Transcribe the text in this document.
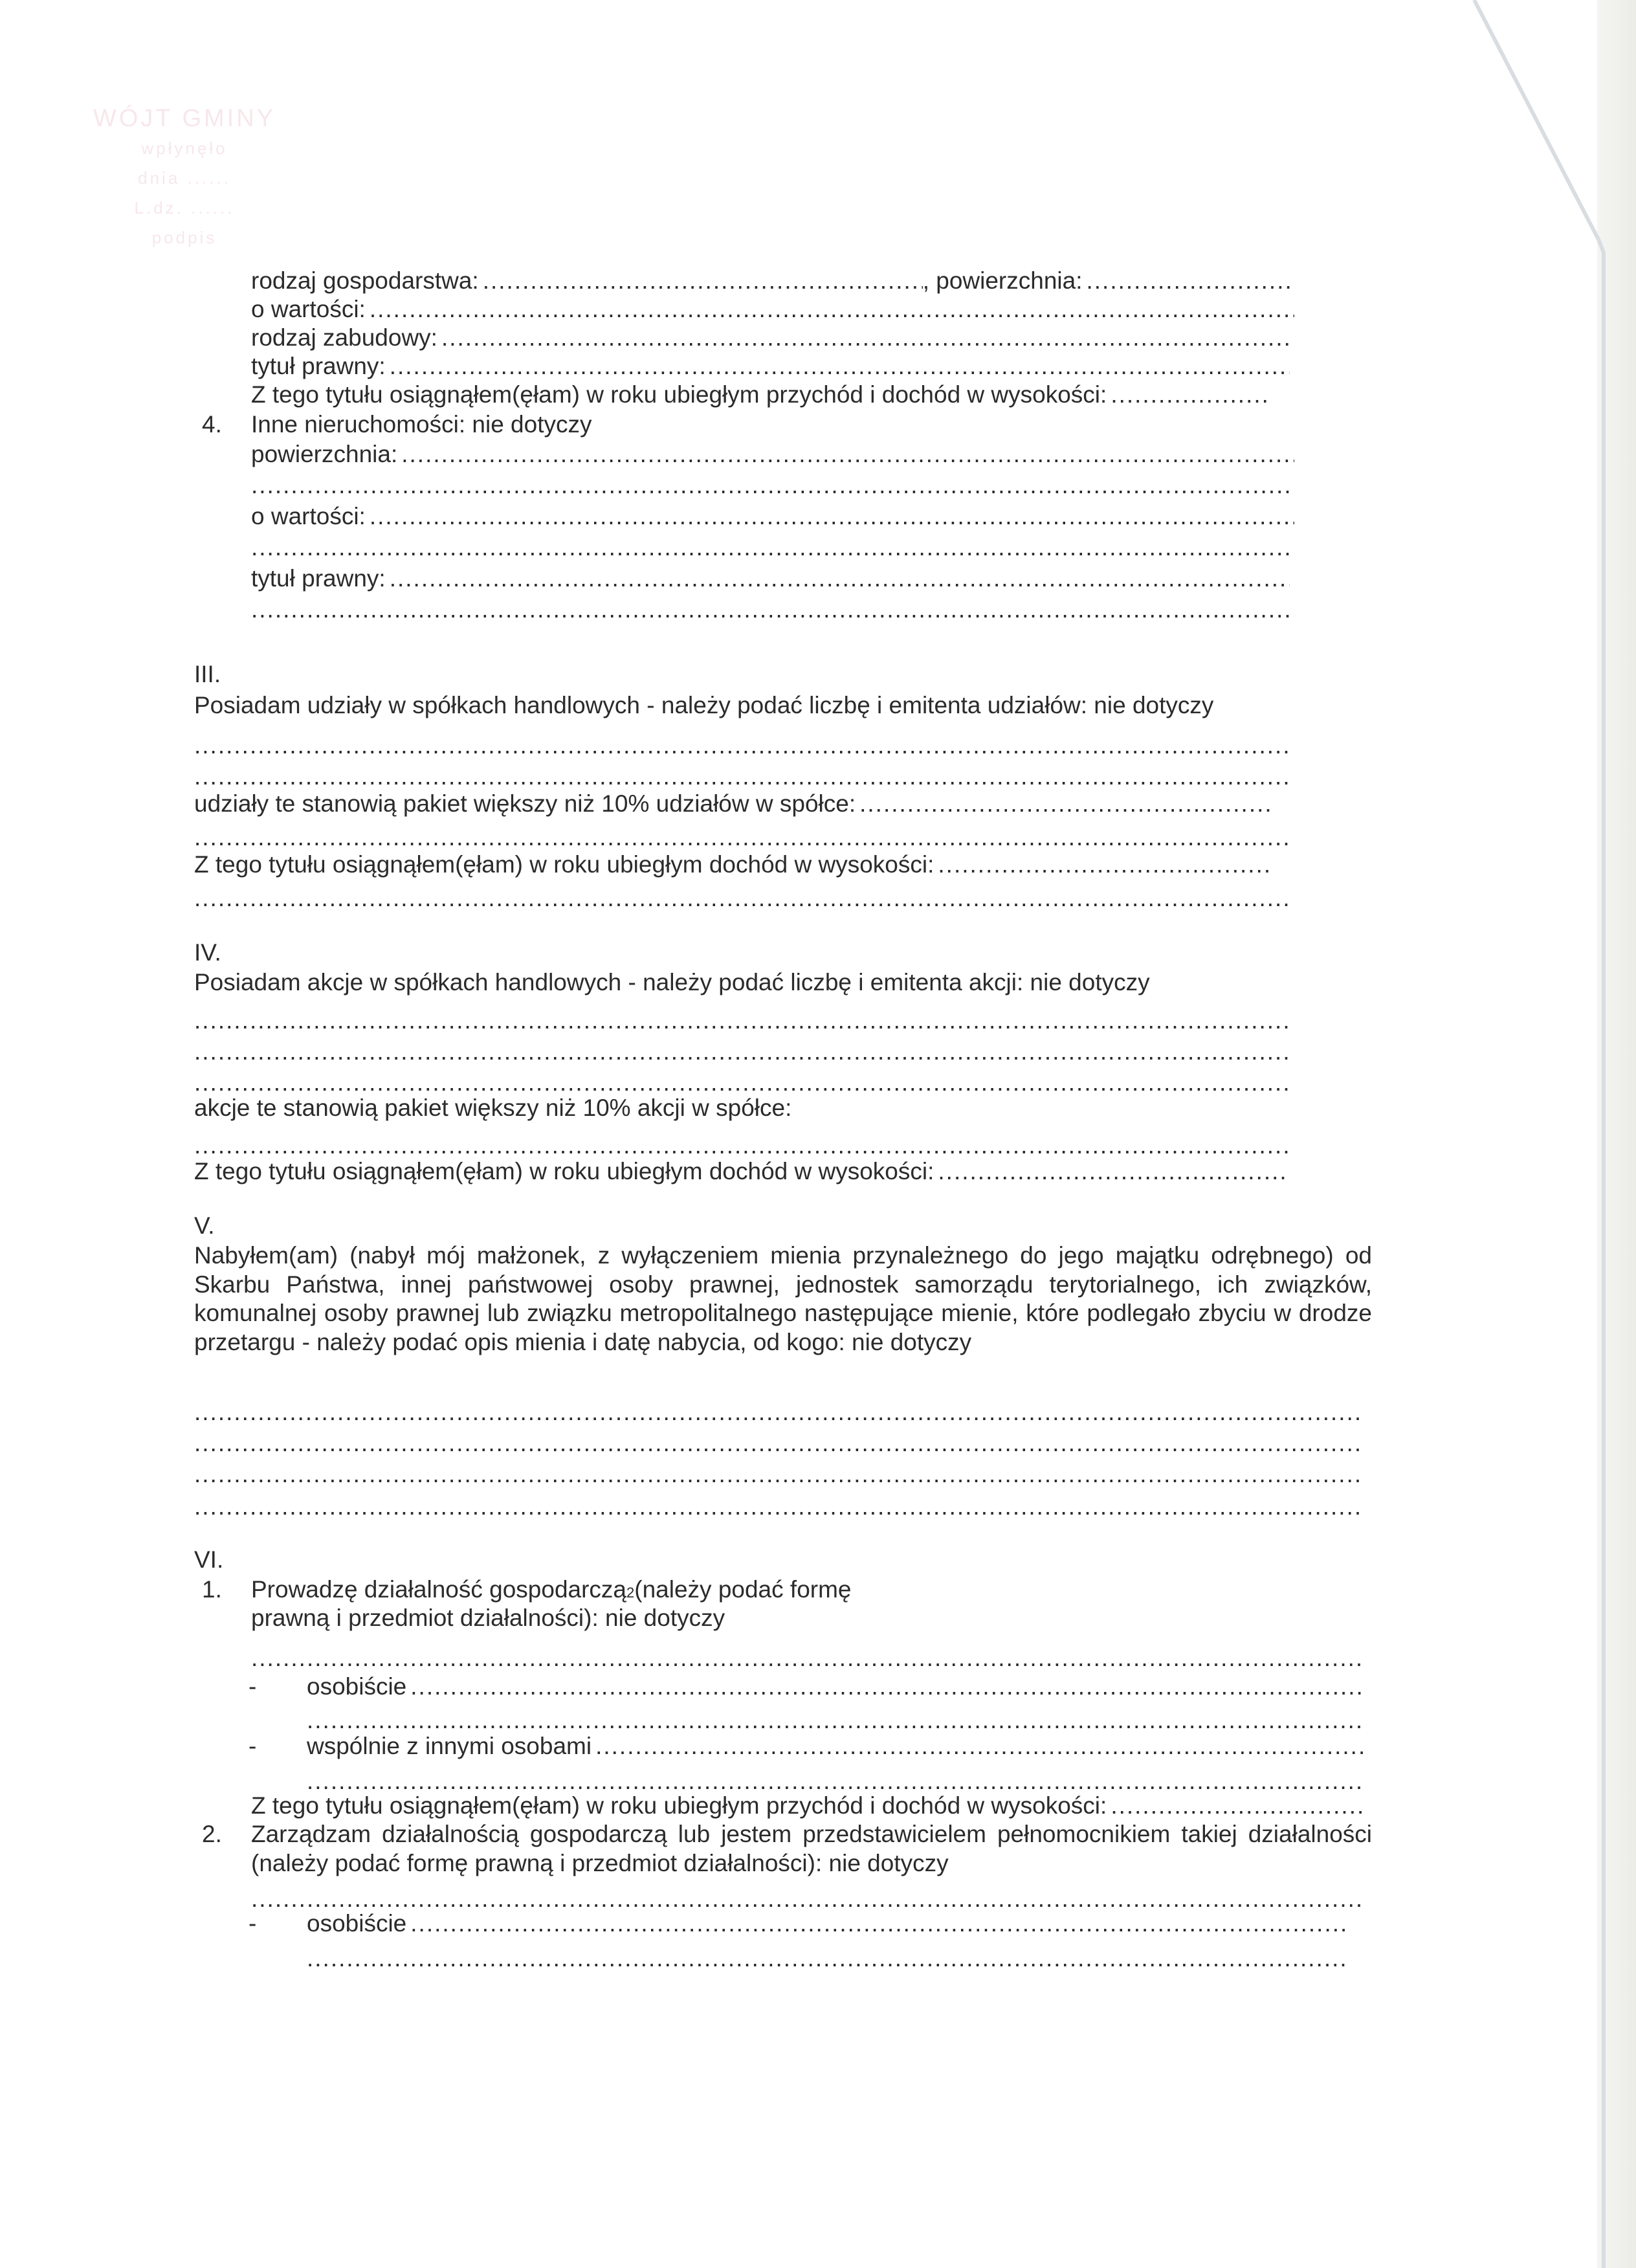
WÓJT GMINY
wpłynęło
dnia ......
L.dz. ......
podpis
rodzaj gospodarstwa: .....	, powierzchnia:
.....
o wartości:
.....
rodzaj zabudowy:
.....
tytuł prawny:
.....
Z tego tytułu osiągnąłem(ęłam) w roku ubiegłym przychód i dochód w wysokości:
.....
4. Inne nieruchomości: nie dotyczy
powierzchnia:
.....
.....
o wartości:
.....
.....
tytuł prawny:
.....
.....
III.
Posiadam udziały w spółkach handlowych - należy podać liczbę i emitenta udziałów: nie dotyczy
.....
.....
udziały te stanowią pakiet większy niż 10% udziałów w spółce:
.....
.....
Z tego tytułu osiągnąłem(ęłam) w roku ubiegłym dochód w wysokości:
.....
.....
IV.
Posiadam akcje w spółkach handlowych - należy podać liczbę i emitenta akcji: nie dotyczy
.....
.....
.....
akcje te stanowią pakiet większy niż 10% akcji w spółce:
.....
Z tego tytułu osiągnąłem(ęłam) w roku ubiegłym dochód w wysokości:
.....
V.
Nabyłem(am) (nabył mój małżonek, z wyłączeniem mienia przynależnego do jego majątku odrębnego) od Skarbu Państwa, innej państwowej osoby prawnej, jednostek samorządu terytorialnego, ich związków, komunalnej osoby prawnej lub związku metropolitalnego następujące mienie, które podlegało zbyciu w drodze przetargu - należy podać opis mienia i datę nabycia, od kogo: nie dotyczy
.....
.....
.....
.....
VI.
1. Prowadzę działalność gospodarczą 2 (należy podać formę
prawną i przedmiot działalności): nie dotyczy
.....
- osobiście
.....
.....
- wspólnie z innymi osobami
.....
.....
Z tego tytułu osiągnąłem(ęłam) w roku ubiegłym przychód i dochód w wysokości:
.....
2. Zarządzam działalnością gospodarczą lub jestem przedstawicielem pełnomocnikiem takiej działalności (należy podać formę prawną i przedmiot działalności): nie dotyczy
.....
- osobiście
.....
.....
